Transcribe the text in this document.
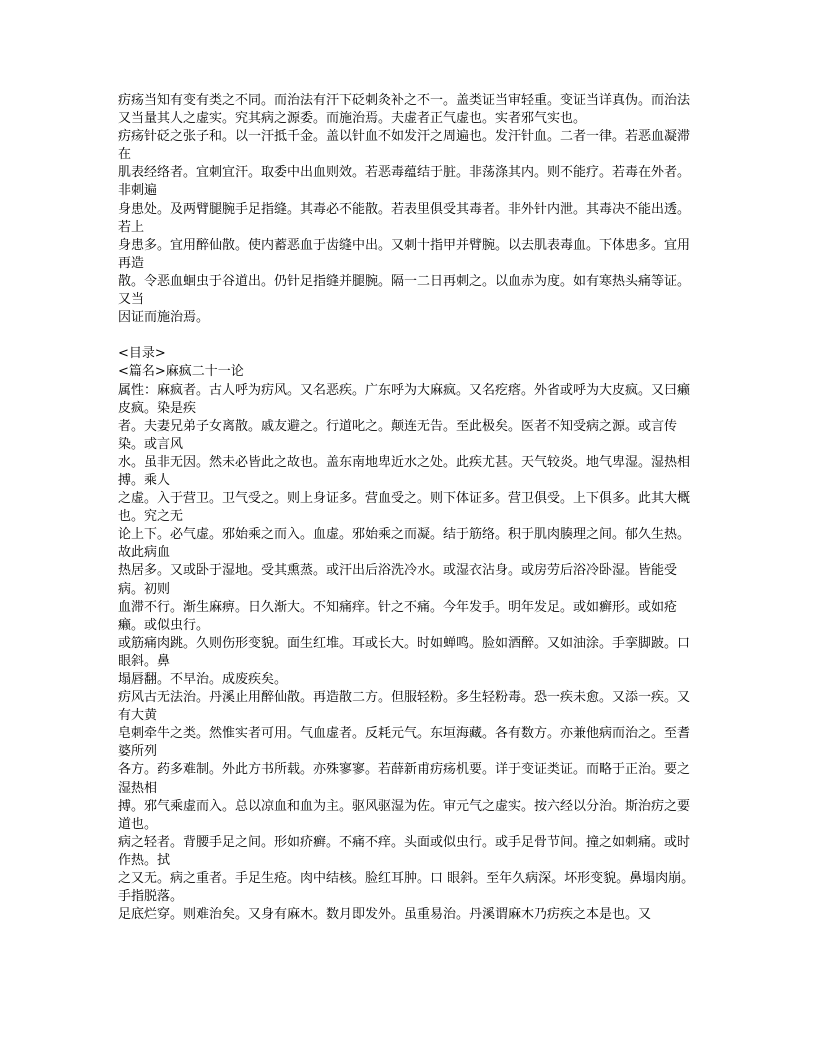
疠疡当知有变有类之不同。而治法有汗下砭刺灸补之不一。盖类证当审轻重。变证当详真伪。而治法
又当量其人之虚实。究其病之源委。而施治焉。夫虚者正气虚也。实者邪气实也。
疠疡针砭之张子和。以一汗抵千金。盖以针血不如发汗之周遍也。发汗针血。二者一律。若恶血凝滞在
肌表经络者。宜刺宜汗。取委中出血则效。若恶毒蕴结于脏。非荡涤其内。则不能疗。若毒在外者。非刺遍
身患处。及两臂腿腕手足指缝。其毒必不能散。若表里俱受其毒者。非外针内泄。其毒决不能出透。若上
身患多。宜用醉仙散。使内蓄恶血于齿缝中出。又刺十指甲并臂腕。以去肌表毒血。下体患多。宜用再造
散。令恶血蛔虫于谷道出。仍针足指缝并腿腕。隔一二日再刺之。以血赤为度。如有寒热头痛等证。又当
因证而施治焉。
<目录>
<篇名>麻疯二十一论
属性：麻疯者。古人呼为疠风。又名恶疾。广东呼为大麻疯。又名疙瘩。外省或呼为大皮疯。又曰癞皮疯。染是疾
者。夫妻兄弟子女离散。戚友避之。行道叱之。颠连无告。至此极矣。医者不知受病之源。或言传染。或言风
水。虽非无因。然未必皆此之故也。盖东南地卑近水之处。此疾尤甚。天气较炎。地气卑湿。湿热相搏。乘人
之虚。入于营卫。卫气受之。则上身证多。营血受之。则下体证多。营卫俱受。上下俱多。此其大概也。究之无
论上下。必气虚。邪始乘之而入。血虚。邪始乘之而凝。结于筋络。积于肌肉腠理之间。郁久生热。故此病血
热居多。又或卧于湿地。受其熏蒸。或汗出后浴洗冷水。或湿衣沾身。或房劳后浴冷卧湿。皆能受病。初则
血滞不行。渐生麻痹。日久渐大。不知痛痒。针之不痛。今年发手。明年发足。或如癣形。或如疮癞。或似虫行。
或筋痛肉跳。久则伤形变貌。面生红堆。耳或长大。时如蝉鸣。脸如酒醉。又如油涂。手挛脚跛。口 眼斜。鼻
塌唇翻。不早治。成废疾矣。
疠风古无法治。丹溪止用醉仙散。再造散二方。但服轻粉。多生轻粉毒。恐一疾未愈。又添一疾。又有大黄
皂刺牵牛之类。然惟实者可用。气血虚者。反耗元气。东垣海藏。各有数方。亦兼他病而治之。至耆婆所列
各方。药多难制。外此方书所载。亦殊寥寥。若薛新甫疠疡机要。详于变证类证。而略于正治。要之湿热相
搏。邪气乘虚而入。总以凉血和血为主。驱风驱湿为佐。审元气之虚实。按六经以分治。斯治疠之要道也。
病之轻者。背腰手足之间。形如疥癣。不痛不痒。头面或似虫行。或手足骨节间。撞之如刺痛。或时作热。拭
之又无。病之重者。手足生疮。肉中结核。脸红耳肿。口 眼斜。至年久病深。坏形变貌。鼻塌肉崩。手指脱落。
足底烂穿。则难治矣。又身有麻木。数月即发外。虽重易治。丹溪谓麻木乃疠疾之本是也。又
